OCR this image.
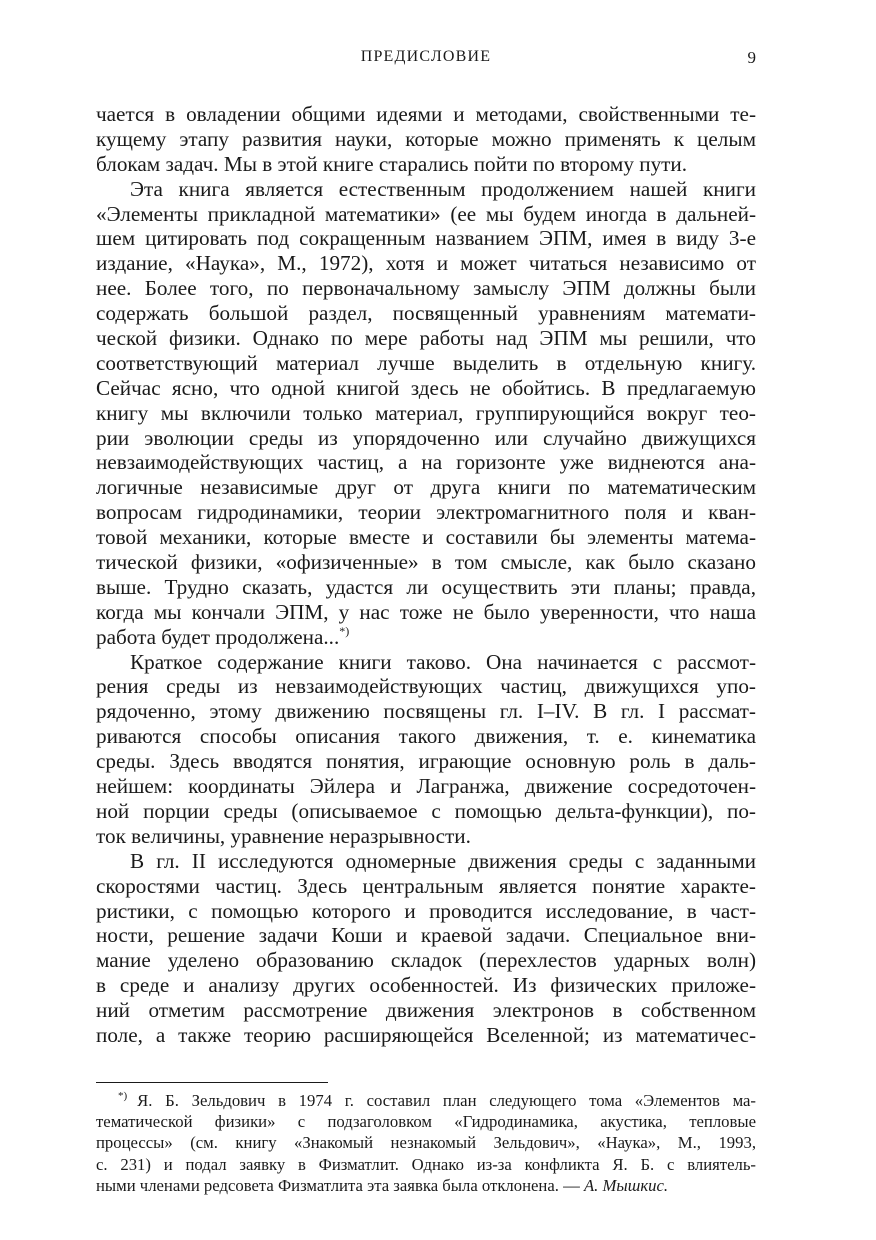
ПРЕДИСЛОВИЕ	9
чается в овладении общими идеями и методами, свойственными те-
кущему этапу развития науки, которые можно применять к целым
блокам задач. Мы в этой книге старались пойти по второму пути.
Эта книга является естественным продолжением нашей книги
«Элементы прикладной математики» (ее мы будем иногда в дальней-
шем цитировать под сокращенным названием ЭПМ, имея в виду 3-е
издание, «Наука», М., 1972), хотя и может читаться независимо от
нее. Более того, по первоначальному замыслу ЭПМ должны были
содержать большой раздел, посвященный уравнениям математи-
ческой физики. Однако по мере работы над ЭПМ мы решили, что
соответствующий материал лучше выделить в отдельную книгу.
Сейчас ясно, что одной книгой здесь не обойтись. В предлагаемую
книгу мы включили только материал, группирующийся вокруг тео-
рии эволюции среды из упорядоченно или случайно движущихся
невзаимодействующих частиц, а на горизонте уже виднеются ана-
логичные независимые друг от друга книги по математическим
вопросам гидродинамики, теории электромагнитного поля и кван-
товой механики, которые вместе и составили бы элементы матема-
тической физики, «офизиченные» в том смысле, как было сказано
выше. Трудно сказать, удастся ли осуществить эти планы; правда,
когда мы кончали ЭПМ, у нас тоже не было уверенности, что наша
работа будет продолжена...*)
Краткое содержание книги таково. Она начинается с рассмот-
рения среды из невзаимодействующих частиц, движущихся упо-
рядоченно, этому движению посвящены гл. I–IV. В гл. I рассмат-
риваются способы описания такого движения, т. е. кинематика
среды. Здесь вводятся понятия, играющие основную роль в даль-
нейшем: координаты Эйлера и Лагранжа, движение сосредоточен-
ной порции среды (описываемое с помощью дельта-функции), по-
ток величины, уравнение неразрывности.
В гл. II исследуются одномерные движения среды с заданными
скоростями частиц. Здесь центральным является понятие характе-
ристики, с помощью которого и проводится исследование, в част-
ности, решение задачи Коши и краевой задачи. Специальное вни-
мание уделено образованию складок (перехлестов ударных волн)
в среде и анализу других особенностей. Из физических приложе-
ний отметим рассмотрение движения электронов в собственном
поле, а также теорию расширяющейся Вселенной; из математичес-
*) Я. Б. Зельдович в 1974 г. составил план следующего тома «Элементов ма-
тематической физики» с подзаголовком «Гидродинамика, акустика, тепловые
процессы» (см. книгу «Знакомый незнакомый Зельдович», «Наука», М., 1993,
с. 231) и подал заявку в Физматлит. Однако из-за конфликта Я. Б. с влиятель-
ными членами редсовета Физматлита эта заявка была отклонена. — А. Мышкис.
